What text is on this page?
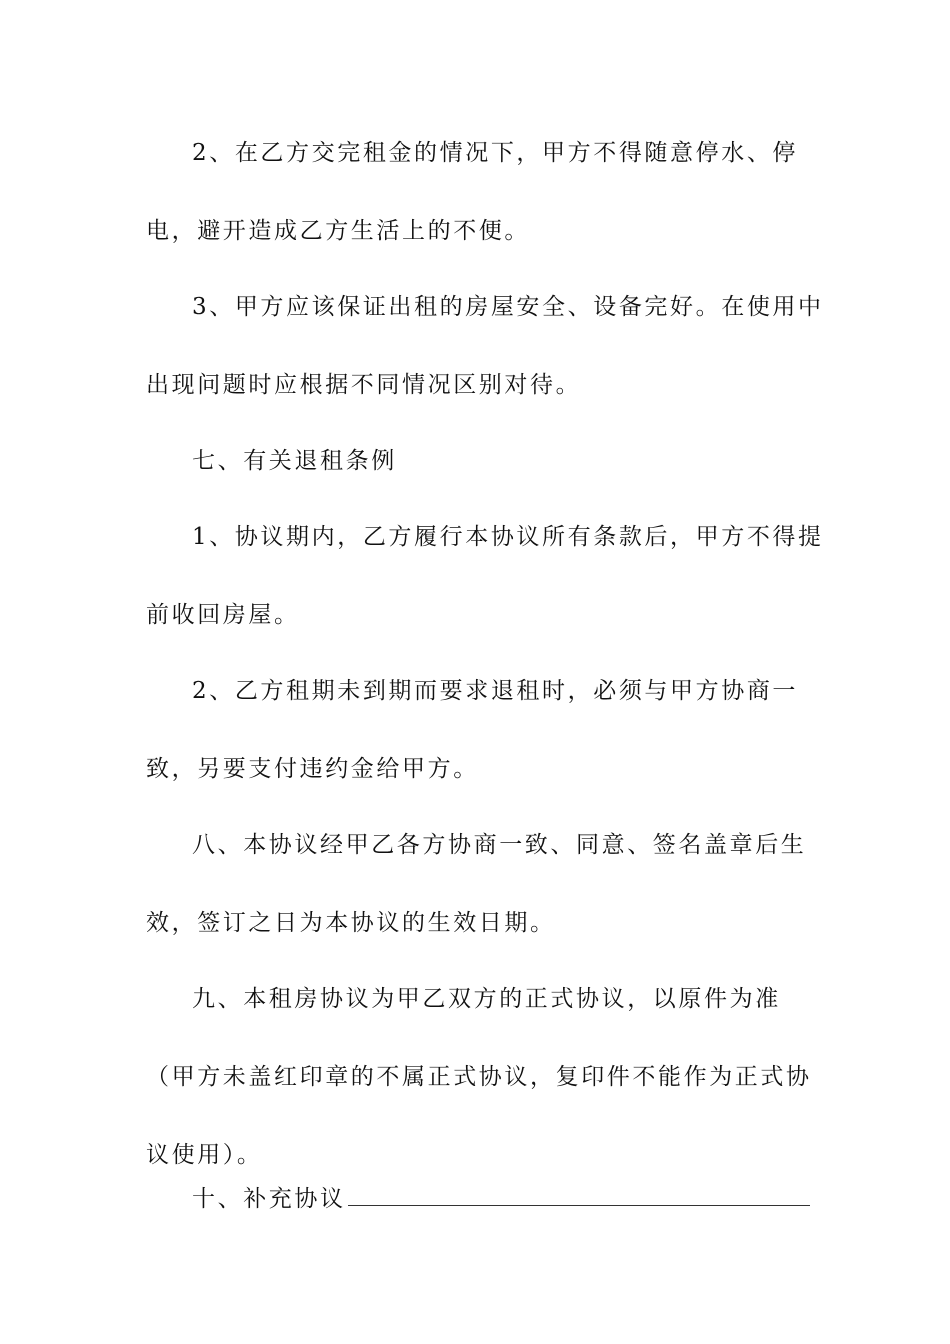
2、在乙方交完租金的情况下，甲方不得随意停水、停电，避开造成乙方生活上的不便。

3、甲方应该保证出租的房屋安全、设备完好。在使用中出现问题时应根据不同情况区别对待。

七、有关退租条例

1、协议期内，乙方履行本协议所有条款后，甲方不得提前收回房屋。

2、乙方租期未到期而要求退租时，必须与甲方协商一致，另要支付违约金给甲方。

八、本协议经甲乙各方协商一致、同意、签名盖章后生效，签订之日为本协议的生效日期。

九、本租房协议为甲乙双方的正式协议，以原件为准（甲方未盖红印章的不属正式协议，复印件不能作为正式协议使用）。

十、补充协议
